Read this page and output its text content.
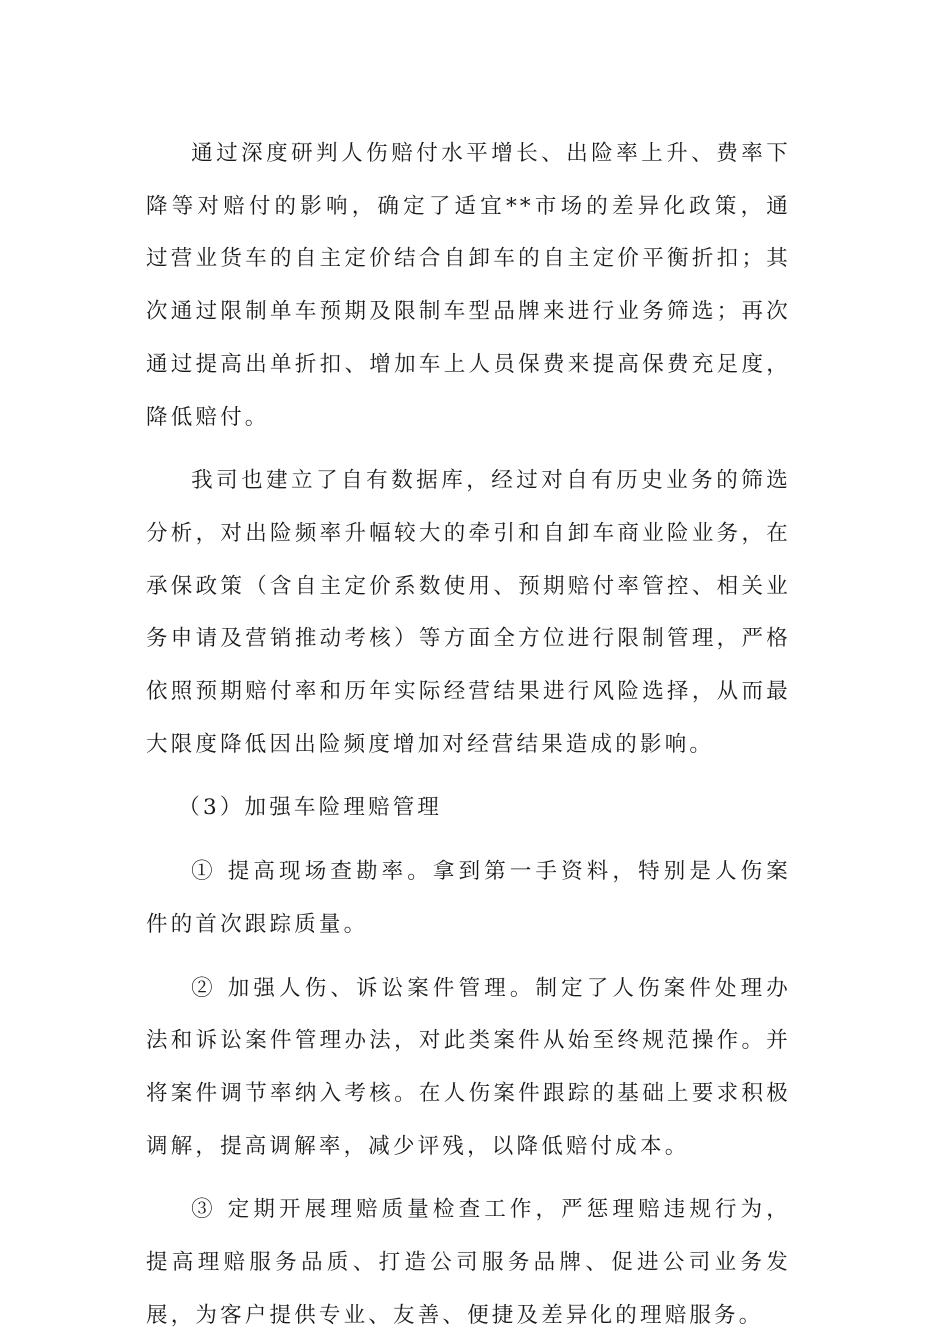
通过深度研判人伤赔付水平增长、出险率上升、费率下降等对赔付的影响，确定了适宜**市场的差异化政策，通过营业货车的自主定价结合自卸车的自主定价平衡折扣；其次通过限制单车预期及限制车型品牌来进行业务筛选；再次通过提高出单折扣、增加车上人员保费来提高保费充足度，降低赔付。

我司也建立了自有数据库，经过对自有历史业务的筛选分析，对出险频率升幅较大的牵引和自卸车商业险业务，在承保政策（含自主定价系数使用、预期赔付率管控、相关业务申请及营销推动考核）等方面全方位进行限制管理，严格依照预期赔付率和历年实际经营结果进行风险选择，从而最大限度降低因出险频度增加对经营结果造成的影响。

（3）加强车险理赔管理

① 提高现场查勘率。拿到第一手资料，特别是人伤案件的首次跟踪质量。

② 加强人伤、诉讼案件管理。制定了人伤案件处理办法和诉讼案件管理办法，对此类案件从始至终规范操作。并将案件调节率纳入考核。在人伤案件跟踪的基础上要求积极调解，提高调解率，减少评残，以降低赔付成本。

③ 定期开展理赔质量检查工作，严惩理赔违规行为，提高理赔服务品质、打造公司服务品牌、促进公司业务发展，为客户提供专业、友善、便捷及差异化的理赔服务。
